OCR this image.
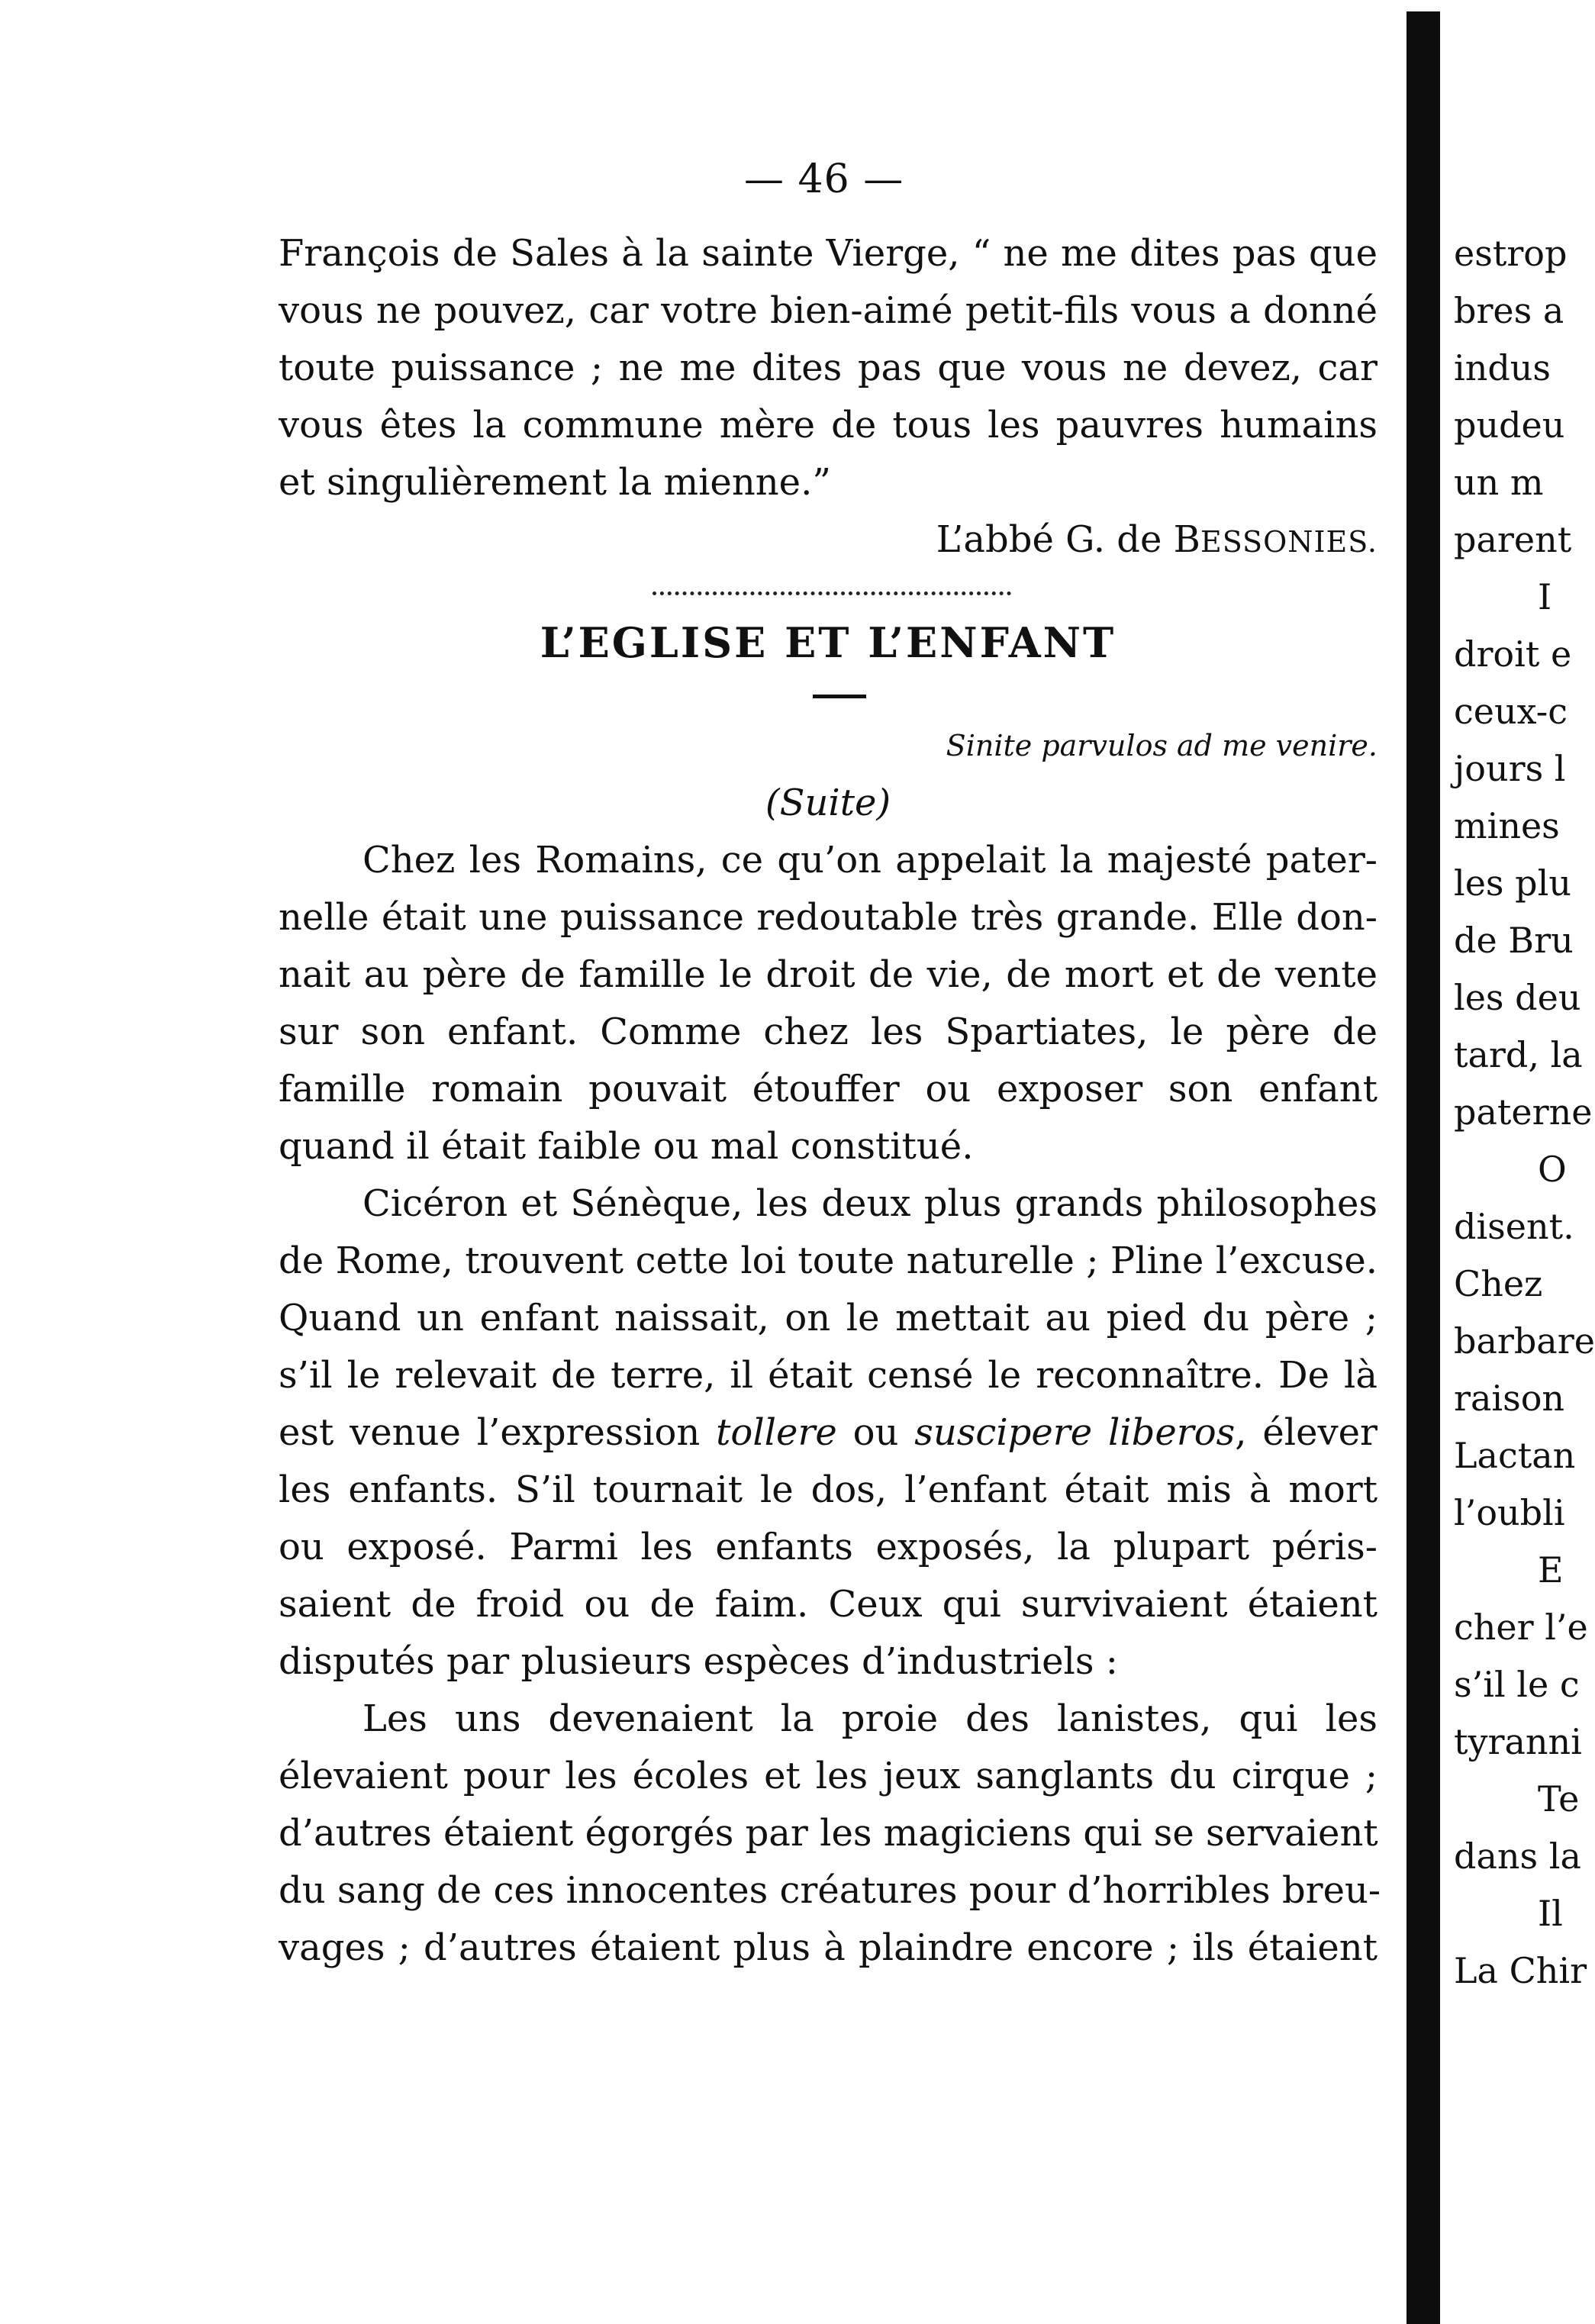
— 46 —
François de Sales à la sainte Vierge, “ ne me dites pas que
vous ne pouvez, car votre bien-aimé petit-fils vous a donné
toute puissance ; ne me dites pas que vous ne devez, car
vous êtes la commune mère de tous les pauvres humains
et singulièrement la mienne.”
L’abbé G. de BESSONIES.
L’EGLISE ET L’ENFANT
Sinite parvulos ad me venire.
(Suite)
Chez les Romains, ce qu’on appelait la majesté pater-
nelle était une puissance redoutable très grande. Elle don-
nait au père de famille le droit de vie, de mort et de vente
sur son enfant. Comme chez les Spartiates, le père de
famille romain pouvait étouffer ou exposer son enfant
quand il était faible ou mal constitué.
Cicéron et Sénèque, les deux plus grands philosophes
de Rome, trouvent cette loi toute naturelle ; Pline l’excuse.
Quand un enfant naissait, on le mettait au pied du père ;
s’il le relevait de terre, il était censé le reconnaître. De là
est venue l’expression tollere ou suscipere liberos, élever
les enfants. S’il tournait le dos, l’enfant était mis à mort
ou exposé. Parmi les enfants exposés, la plupart péris-
saient de froid ou de faim. Ceux qui survivaient étaient
disputés par plusieurs espèces d’industriels :
Les uns devenaient la proie des lanistes, qui les
élevaient pour les écoles et les jeux sanglants du cirque ;
d’autres étaient égorgés par les magiciens qui se servaient
du sang de ces innocentes créatures pour d’horribles breu-
vages ; d’autres étaient plus à plaindre encore ; ils étaient
estrop
bres a
indus
pudeu
un m
parent
I
droit e
ceux-c
jours l
mines
les plu
de Bru
les deu
tard, la
paterne
O
disent.
Chez
barbare
raison
Lactan
l’oubli
E
cher l’e
s’il le c
tyranni
Te
dans la
Il
La Chir
